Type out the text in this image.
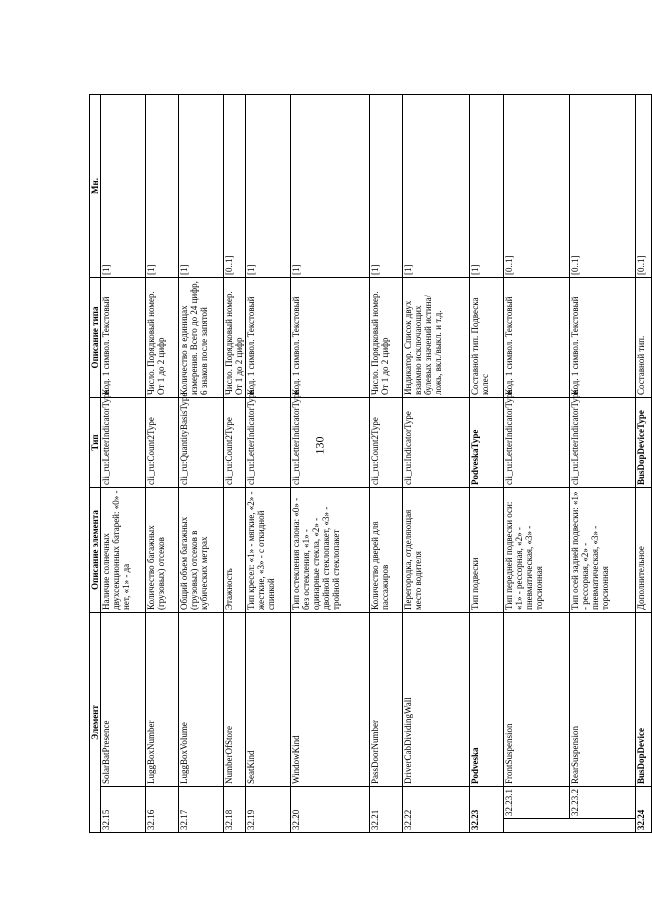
130
Элемент			Описание элемента	Тип	Описание типа	Мн.
32.15		SolarBatPresence	Наличие солнечных двухсекционных батарей: «0» - нет, «1» - да	cli_ru:LetterIndicatorType	Код. 1 символ. Текстовый	[1]
32.16		LuggBoxNumber	Количество багажных (грузовых) отсеков	cli_ru:Count2Type	Число. Порядковый номер. От 1 до 2 цифр	[1]
32.17		LuggBoxVolume	Общий объем багажных (грузовых) отсеков в кубических метрах	cli_ru:QuantityBasisType	Количество в единицах измерения. Всего до 24 цифр, 6 знаков после запятой	[1]
32.18		NumberOfStore	Этажность	cli_ru:Count2Type	Число. Порядковый номер. От 1 до 2 цифр	[0..1]
32.19		SeatKind	Тип кресел: «1» - мягкие, «2» - жесткие, «3» - с откидной спинкой	cli_ru:LetterIndicatorType	Код. 1 символ. Текстовый	[1]
32.20		WindowKind	Тип остекления салона: «0» - без остекления, «1» - одинарные стекла, «2» - двойной стеклопакет, «3» - тройной стеклопакет	cli_ru:LetterIndicatorType	Код. 1 символ. Текстовый	[1]
32.21		PassDoorNumber	Количество дверей для пассажиров	cli_ru:Count2Type	Число. Порядковый номер. От 1 до 2 цифр	[1]
32.22		DriverCabDividingWall	Перегородка, отделяющая место водителя	cli_ru:IndicatorType	Индикатор. Список двух взаимно исключающих булевых значений истина/ложь, вкл./выкл. и т.д.	[1]
32.23		Podveska	Тип подвески	PodveskaType	Составной тип. Подвеска колес	[1]
	32.23.1	FrontSuspension	Тип передней подвески оси: «1» - рессорная, «2» - пневматическая, «3» - торсионная	cli_ru:LetterIndicatorType	Код. 1 символ. Текстовый	[0..1]
	32.23.2	RearSuspension	Тип осей задней подвески: «1» - рессорная, «2» - пневматическая, «3» - торсионная	cli_ru:LetterIndicatorType	Код. 1 символ. Текстовый	[0..1]
32.24		BusDopDevice	Дополнительное	BusDopDeviceType	Составной тип.	[0..1]
